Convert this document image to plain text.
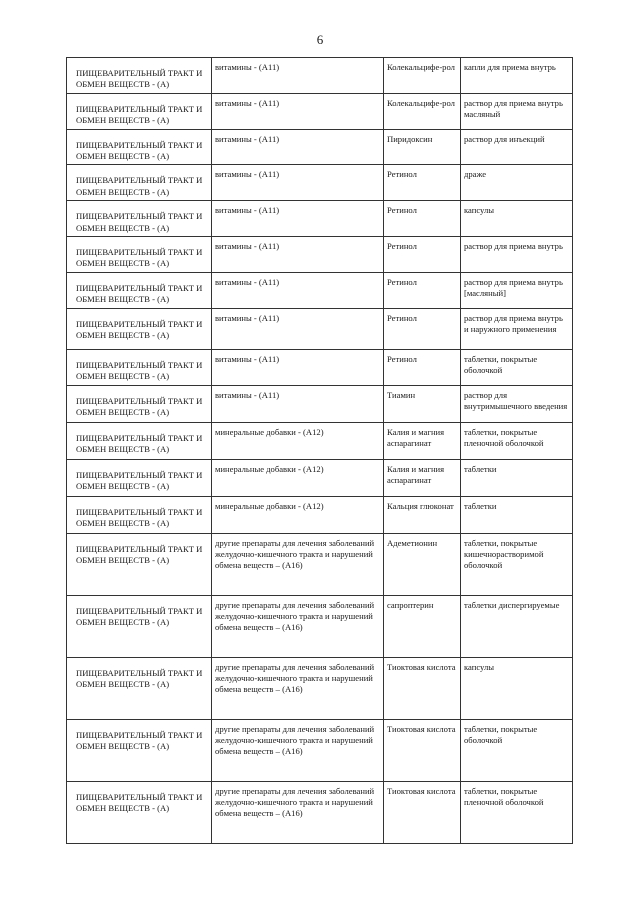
6
ПИЩЕВАРИТЕЛЬНЫЙ ТРАКТ И ОБМЕН ВЕЩЕСТВ - (А)	витамины - (А11)	Колекальцифе-рол	капли для приема внутрь
ПИЩЕВАРИТЕЛЬНЫЙ ТРАКТ И ОБМЕН ВЕЩЕСТВ - (А)	витамины - (А11)	Колекальцифе-рол	раствор для приема внутрь масляный
ПИЩЕВАРИТЕЛЬНЫЙ ТРАКТ И ОБМЕН ВЕЩЕСТВ - (А)	витамины - (А11)	Пиридоксин	раствор для инъекций
ПИЩЕВАРИТЕЛЬНЫЙ ТРАКТ И ОБМЕН ВЕЩЕСТВ - (А)	витамины - (А11)	Ретинол	драже
ПИЩЕВАРИТЕЛЬНЫЙ ТРАКТ И ОБМЕН ВЕЩЕСТВ - (А)	витамины - (А11)	Ретинол	капсулы
ПИЩЕВАРИТЕЛЬНЫЙ ТРАКТ И ОБМЕН ВЕЩЕСТВ - (А)	витамины - (А11)	Ретинол	раствор для приема внутрь
ПИЩЕВАРИТЕЛЬНЫЙ ТРАКТ И ОБМЕН ВЕЩЕСТВ - (А)	витамины - (А11)	Ретинол	раствор для приема внутрь [масляный]
ПИЩЕВАРИТЕЛЬНЫЙ ТРАКТ И ОБМЕН ВЕЩЕСТВ - (А)	витамины - (А11)	Ретинол	раствор для приема внутрь и наружного применения
ПИЩЕВАРИТЕЛЬНЫЙ ТРАКТ И ОБМЕН ВЕЩЕСТВ - (А)	витамины - (А11)	Ретинол	таблетки, покрытые оболочкой
ПИЩЕВАРИТЕЛЬНЫЙ ТРАКТ И ОБМЕН ВЕЩЕСТВ - (А)	витамины - (А11)	Тиамин	раствор для внутримышечного введения
ПИЩЕВАРИТЕЛЬНЫЙ ТРАКТ И ОБМЕН ВЕЩЕСТВ - (А)	минеральные добавки - (А12)	Калия и магния аспарагинат	таблетки, покрытые пленочной оболочкой
ПИЩЕВАРИТЕЛЬНЫЙ ТРАКТ И ОБМЕН ВЕЩЕСТВ - (А)	минеральные добавки - (А12)	Калия и магния аспарагинат	таблетки
ПИЩЕВАРИТЕЛЬНЫЙ ТРАКТ И ОБМЕН ВЕЩЕСТВ - (А)	минеральные добавки - (А12)	Кальция глюконат	таблетки
ПИЩЕВАРИТЕЛЬНЫЙ ТРАКТ И ОБМЕН ВЕЩЕСТВ - (А)	другие препараты для лечения заболеваний желудочно-кишечного тракта и нарушений обмена веществ – (А16)	Адеметионин	таблетки, покрытые кишечнорастворимой оболочкой
ПИЩЕВАРИТЕЛЬНЫЙ ТРАКТ И ОБМЕН ВЕЩЕСТВ - (А)	другие препараты для лечения заболеваний желудочно-кишечного тракта и нарушений обмена веществ – (А16)	сапроптерин	таблетки диспергируемые
ПИЩЕВАРИТЕЛЬНЫЙ ТРАКТ И ОБМЕН ВЕЩЕСТВ - (А)	другие препараты для лечения заболеваний желудочно-кишечного тракта и нарушений обмена веществ – (А16)	Тиоктовая кислота	капсулы
ПИЩЕВАРИТЕЛЬНЫЙ ТРАКТ И ОБМЕН ВЕЩЕСТВ - (А)	другие препараты для лечения заболеваний желудочно-кишечного тракта и нарушений обмена веществ – (А16)	Тиоктовая кислота	таблетки, покрытые оболочкой
ПИЩЕВАРИТЕЛЬНЫЙ ТРАКТ И ОБМЕН ВЕЩЕСТВ - (А)	другие препараты для лечения заболеваний желудочно-кишечного тракта и нарушений обмена веществ – (А16)	Тиоктовая кислота	таблетки, покрытые пленочной оболочкой
